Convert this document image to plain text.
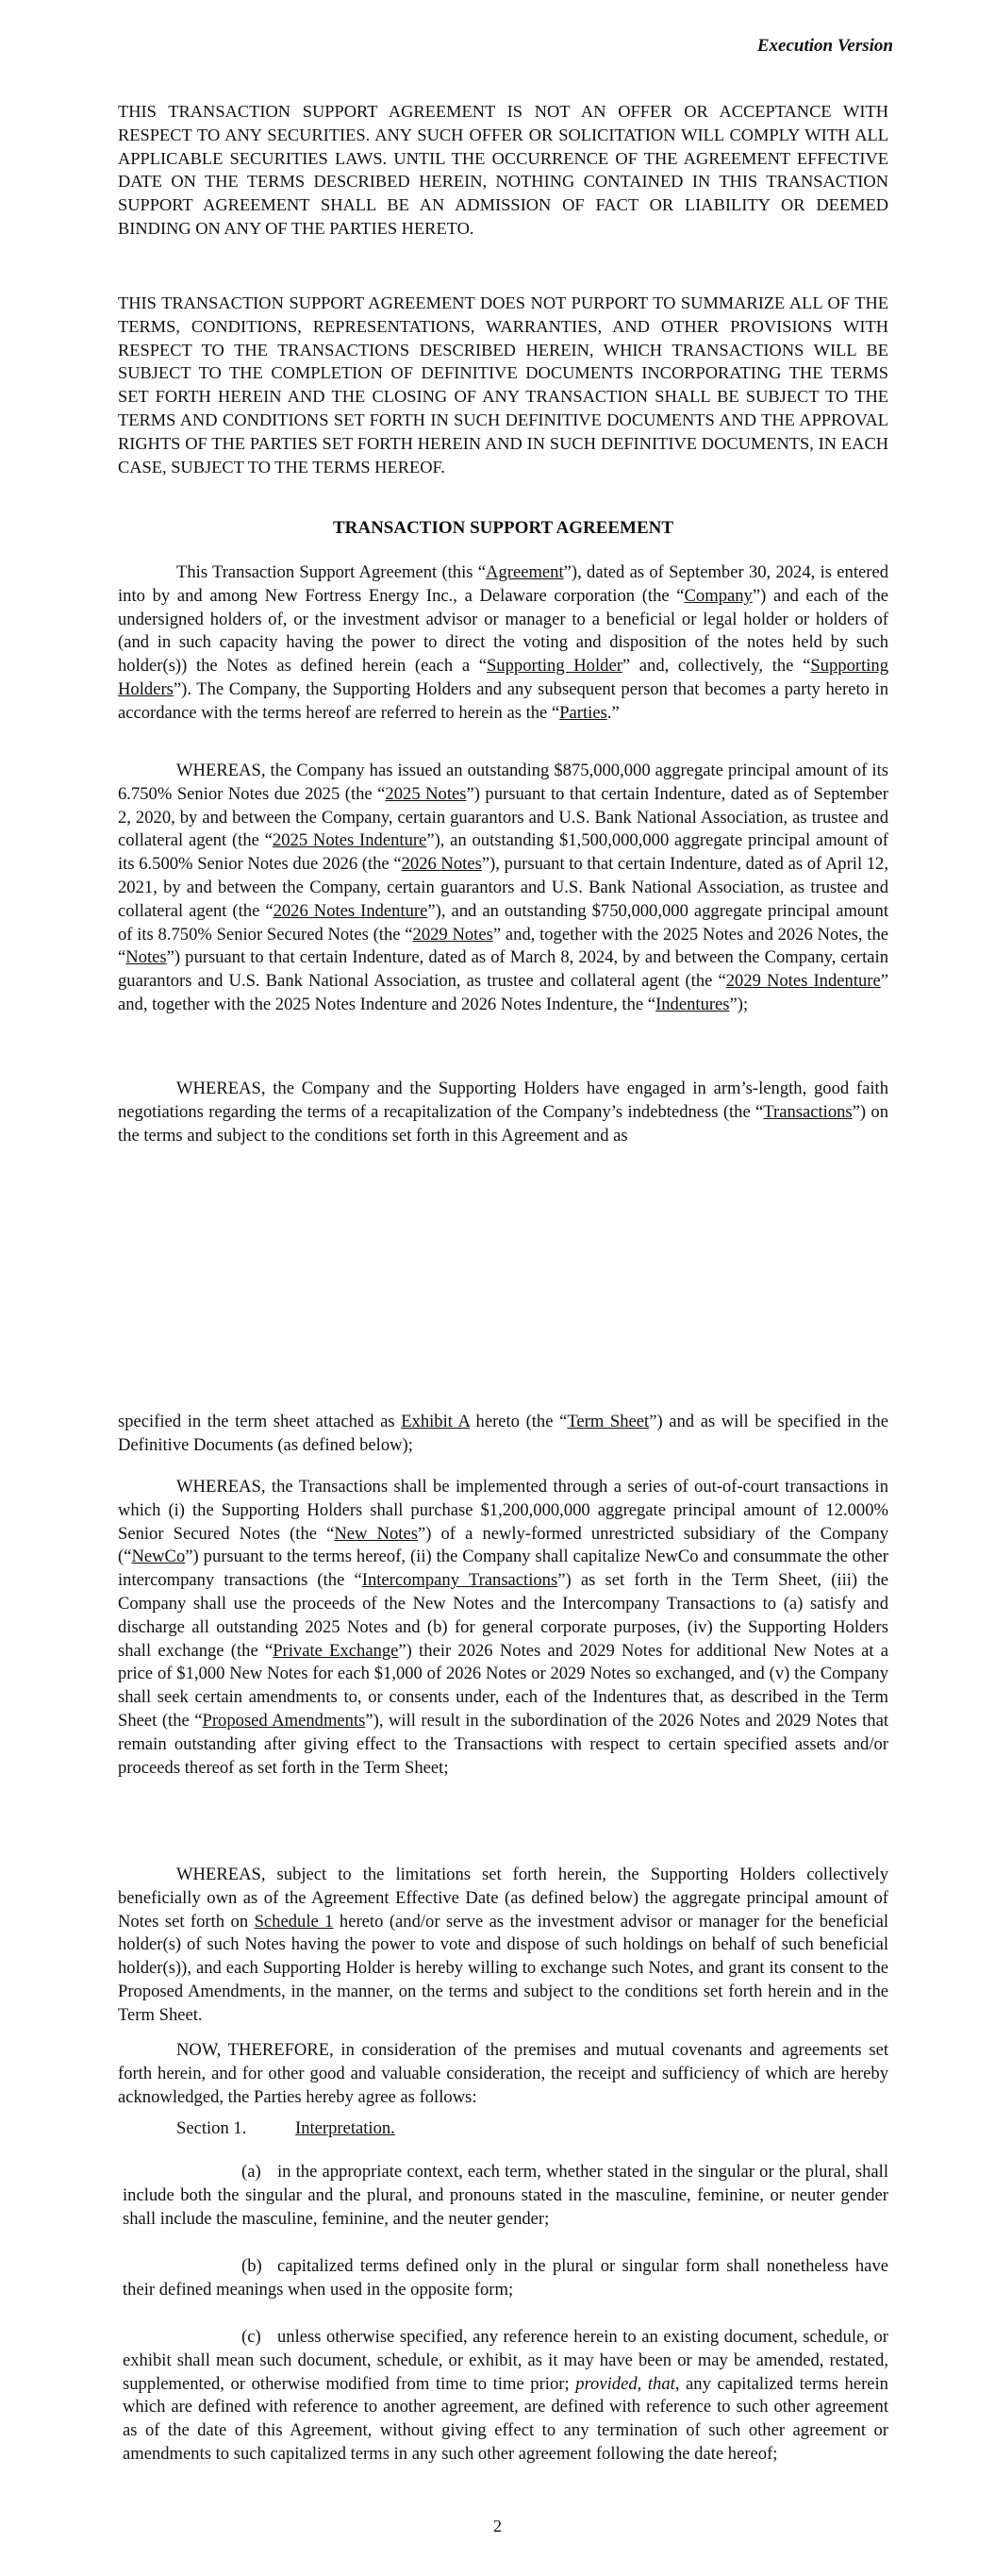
Execution Version

THIS TRANSACTION SUPPORT AGREEMENT IS NOT AN OFFER OR ACCEPTANCE WITH RESPECT TO ANY SECURITIES. ANY SUCH OFFER OR SOLICITATION WILL COMPLY WITH ALL APPLICABLE SECURITIES LAWS. UNTIL THE OCCURRENCE OF THE AGREEMENT EFFECTIVE DATE ON THE TERMS DESCRIBED HEREIN, NOTHING CONTAINED IN THIS TRANSACTION SUPPORT AGREEMENT SHALL BE AN ADMISSION OF FACT OR LIABILITY OR DEEMED BINDING ON ANY OF THE PARTIES HERETO.

THIS TRANSACTION SUPPORT AGREEMENT DOES NOT PURPORT TO SUMMARIZE ALL OF THE TERMS, CONDITIONS, REPRESENTATIONS, WARRANTIES, AND OTHER PROVISIONS WITH RESPECT TO THE TRANSACTIONS DESCRIBED HEREIN, WHICH TRANSACTIONS WILL BE SUBJECT TO THE COMPLETION OF DEFINITIVE DOCUMENTS INCORPORATING THE TERMS SET FORTH HEREIN AND THE CLOSING OF ANY TRANSACTION SHALL BE SUBJECT TO THE TERMS AND CONDITIONS SET FORTH IN SUCH DEFINITIVE DOCUMENTS AND THE APPROVAL RIGHTS OF THE PARTIES SET FORTH HEREIN AND IN SUCH DEFINITIVE DOCUMENTS, IN EACH CASE, SUBJECT TO THE TERMS HEREOF.

TRANSACTION SUPPORT AGREEMENT

This Transaction Support Agreement (this “Agreement”), dated as of September 30, 2024, is entered into by and among New Fortress Energy Inc., a Delaware corporation (the “Company”) and each of the undersigned holders of, or the investment advisor or manager to a beneficial or legal holder or holders of (and in such capacity having the power to direct the voting and disposition of the notes held by such holder(s)) the Notes as defined herein (each a “Supporting Holder” and, collectively, the “Supporting Holders”). The Company, the Supporting Holders and any subsequent person that becomes a party hereto in accordance with the terms hereof are referred to herein as the “Parties.”

WHEREAS, the Company has issued an outstanding $875,000,000 aggregate principal amount of its 6.750% Senior Notes due 2025 (the “2025 Notes”) pursuant to that certain Indenture, dated as of September 2, 2020, by and between the Company, certain guarantors and U.S. Bank National Association, as trustee and collateral agent (the “2025 Notes Indenture”), an outstanding $1,500,000,000 aggregate principal amount of its 6.500% Senior Notes due 2026 (the “2026 Notes”), pursuant to that certain Indenture, dated as of April 12, 2021, by and between the Company, certain guarantors and U.S. Bank National Association, as trustee and collateral agent (the “2026 Notes Indenture”), and an outstanding $750,000,000 aggregate principal amount of its 8.750% Senior Secured Notes (the “2029 Notes” and, together with the 2025 Notes and 2026 Notes, the “Notes”) pursuant to that certain Indenture, dated as of March 8, 2024, by and between the Company, certain guarantors and U.S. Bank National Association, as trustee and collateral agent (the “2029 Notes Indenture” and, together with the 2025 Notes Indenture and 2026 Notes Indenture, the “Indentures”);

WHEREAS, the Company and the Supporting Holders have engaged in arm’s-length, good faith negotiations regarding the terms of a recapitalization of the Company’s indebtedness (the “Transactions”) on the terms and subject to the conditions set forth in this Agreement and as

specified in the term sheet attached as Exhibit A hereto (the “Term Sheet”) and as will be specified in the Definitive Documents (as defined below);

WHEREAS, the Transactions shall be implemented through a series of out-of-court transactions in which (i) the Supporting Holders shall purchase $1,200,000,000 aggregate principal amount of 12.000% Senior Secured Notes (the “New Notes”) of a newly-formed unrestricted subsidiary of the Company (“NewCo”) pursuant to the terms hereof, (ii) the Company shall capitalize NewCo and consummate the other intercompany transactions (the “Intercompany Transactions”) as set forth in the Term Sheet, (iii) the Company shall use the proceeds of the New Notes and the Intercompany Transactions to (a) satisfy and discharge all outstanding 2025 Notes and (b) for general corporate purposes, (iv) the Supporting Holders shall exchange (the “Private Exchange”) their 2026 Notes and 2029 Notes for additional New Notes at a price of $1,000 New Notes for each $1,000 of 2026 Notes or 2029 Notes so exchanged, and (v) the Company shall seek certain amendments to, or consents under, each of the Indentures that, as described in the Term Sheet (the “Proposed Amendments”), will result in the subordination of the 2026 Notes and 2029 Notes that remain outstanding after giving effect to the Transactions with respect to certain specified assets and/or proceeds thereof as set forth in the Term Sheet;

WHEREAS, subject to the limitations set forth herein, the Supporting Holders collectively beneficially own as of the Agreement Effective Date (as defined below) the aggregate principal amount of Notes set forth on Schedule 1 hereto (and/or serve as the investment advisor or manager for the beneficial holder(s) of such Notes having the power to vote and dispose of such holdings on behalf of such beneficial holder(s)), and each Supporting Holder is hereby willing to exchange such Notes, and grant its consent to the Proposed Amendments, in the manner, on the terms and subject to the conditions set forth herein and in the Term Sheet.

NOW, THEREFORE, in consideration of the premises and mutual covenants and agreements set forth herein, and for other good and valuable consideration, the receipt and sufficiency of which are hereby acknowledged, the Parties hereby agree as follows:

Section 1.	Interpretation.

(a) in the appropriate context, each term, whether stated in the singular or the plural, shall include both the singular and the plural, and pronouns stated in the masculine, feminine, or neuter gender shall include the masculine, feminine, and the neuter gender;

(b) capitalized terms defined only in the plural or singular form shall nonetheless have their defined meanings when used in the opposite form;

(c) unless otherwise specified, any reference herein to an existing document, schedule, or exhibit shall mean such document, schedule, or exhibit, as it may have been or may be amended, restated, supplemented, or otherwise modified from time to time prior; provided, that, any capitalized terms herein which are defined with reference to another agreement, are defined with reference to such other agreement as of the date of this Agreement, without giving effect to any termination of such other agreement or amendments to such capitalized terms in any such other agreement following the date hereof;

2
